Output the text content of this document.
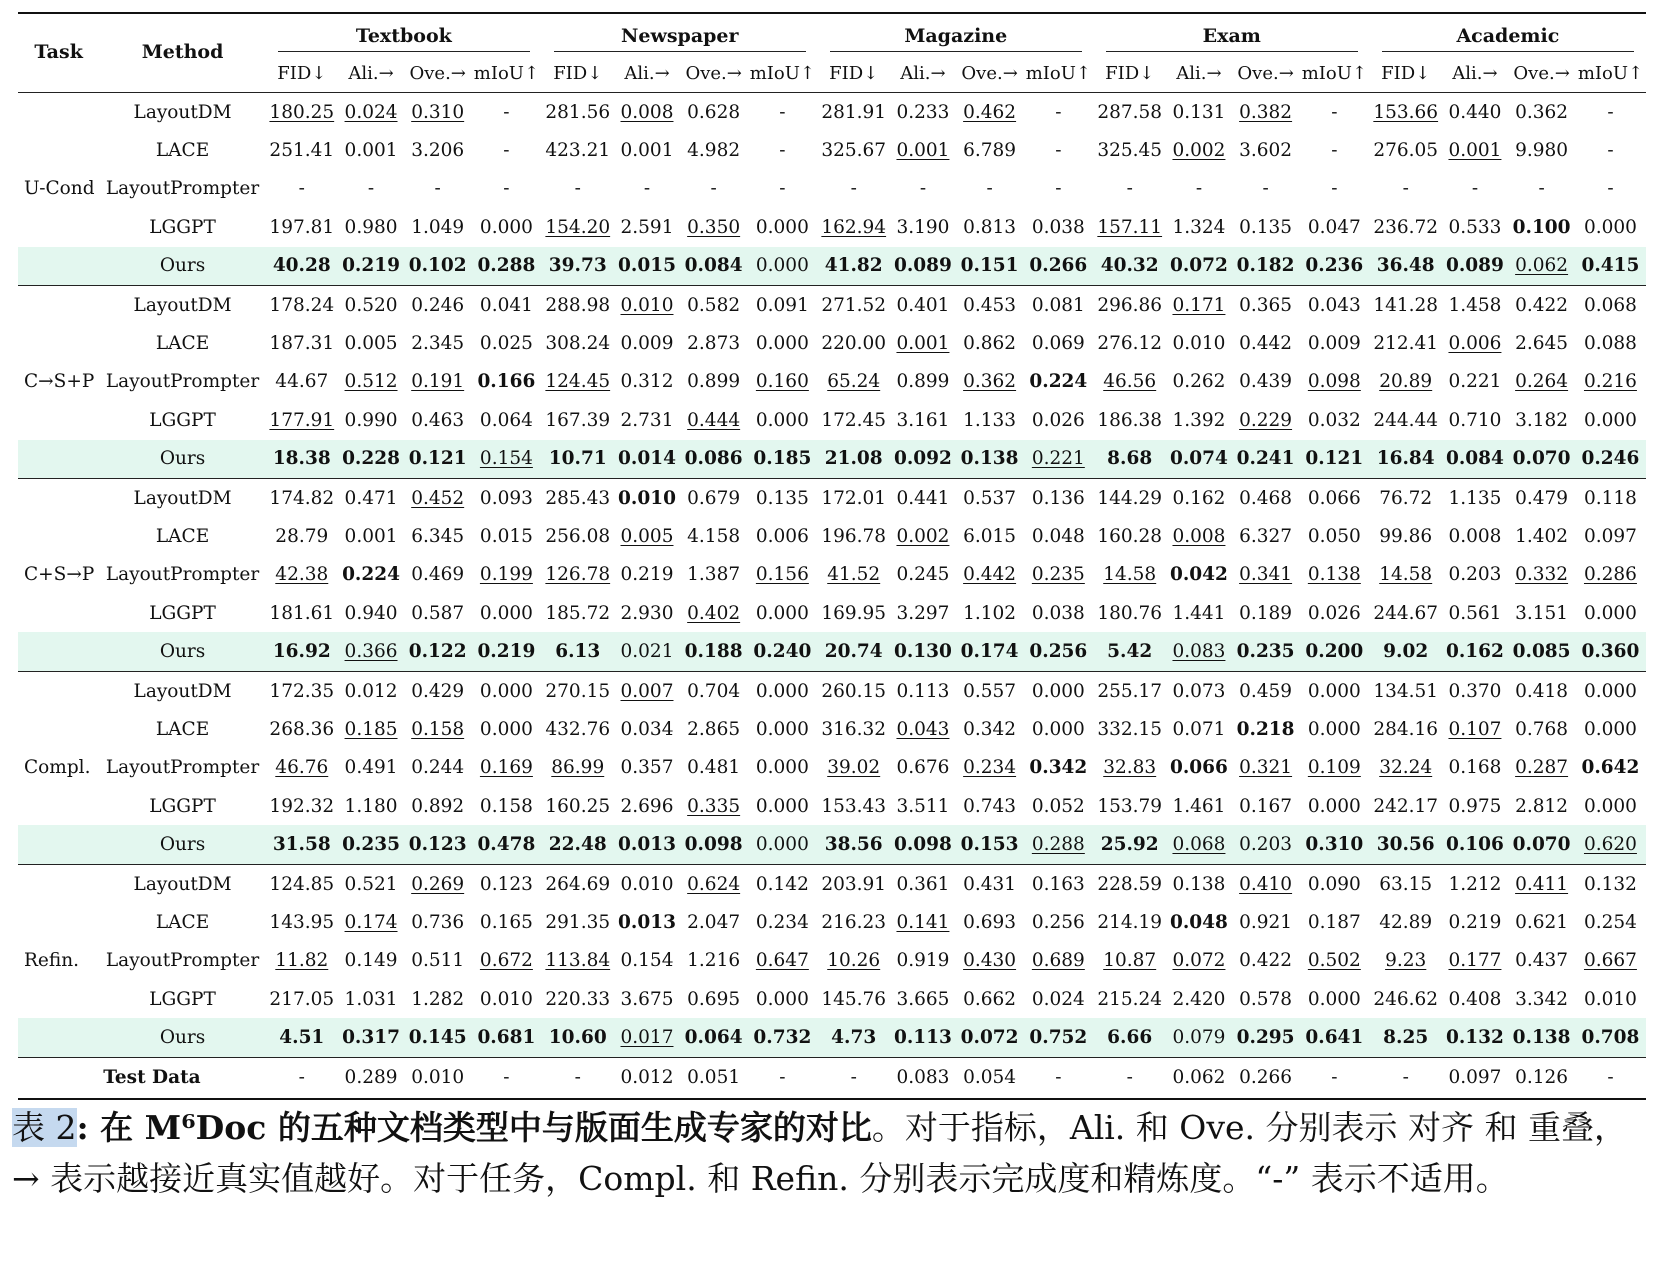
Task	Method	Textbook				Newspaper				Magazine				Exam				Academic			

		FID↓	Ali.→	Ove.→	mIoU↑	FID↓	Ali.→	Ove.→	mIoU↑	FID↓	Ali.→	Ove.→	mIoU↑	FID↓	Ali.→	Ove.→	mIoU↑	FID↓	Ali.→	Ove.→	mIoU↑
	LayoutDM	180.25	0.024	0.310	-	281.56	0.008	0.628	-	281.91	0.233	0.462	-	287.58	0.131	0.382	-	153.66	0.440	0.362	-
	LACE	251.41	0.001	3.206	-	423.21	0.001	4.982	-	325.67	0.001	6.789	-	325.45	0.002	3.602	-	276.05	0.001	9.980	-
U-Cond	LayoutPrompter	-	-	-	-	-	-	-	-	-	-	-	-	-	-	-	-	-	-	-	-
	LGGPT	197.81	0.980	1.049	0.000	154.20	2.591	0.350	0.000	162.94	3.190	0.813	0.038	157.11	1.324	0.135	0.047	236.72	0.533	0.100	0.000
	Ours	40.28	0.219	0.102	0.288	39.73	0.015	0.084	0.000	41.82	0.089	0.151	0.266	40.32	0.072	0.182	0.236	36.48	0.089	0.062	0.415
	LayoutDM	178.24	0.520	0.246	0.041	288.98	0.010	0.582	0.091	271.52	0.401	0.453	0.081	296.86	0.171	0.365	0.043	141.28	1.458	0.422	0.068
	LACE	187.31	0.005	2.345	0.025	308.24	0.009	2.873	0.000	220.00	0.001	0.862	0.069	276.12	0.010	0.442	0.009	212.41	0.006	2.645	0.088
C→S+P	LayoutPrompter	44.67	0.512	0.191	0.166	124.45	0.312	0.899	0.160	65.24	0.899	0.362	0.224	46.56	0.262	0.439	0.098	20.89	0.221	0.264	0.216
	LGGPT	177.91	0.990	0.463	0.064	167.39	2.731	0.444	0.000	172.45	3.161	1.133	0.026	186.38	1.392	0.229	0.032	244.44	0.710	3.182	0.000
	Ours	18.38	0.228	0.121	0.154	10.71	0.014	0.086	0.185	21.08	0.092	0.138	0.221	8.68	0.074	0.241	0.121	16.84	0.084	0.070	0.246
	LayoutDM	174.82	0.471	0.452	0.093	285.43	0.010	0.679	0.135	172.01	0.441	0.537	0.136	144.29	0.162	0.468	0.066	76.72	1.135	0.479	0.118
	LACE	28.79	0.001	6.345	0.015	256.08	0.005	4.158	0.006	196.78	0.002	6.015	0.048	160.28	0.008	6.327	0.050	99.86	0.008	1.402	0.097
C+S→P	LayoutPrompter	42.38	0.224	0.469	0.199	126.78	0.219	1.387	0.156	41.52	0.245	0.442	0.235	14.58	0.042	0.341	0.138	14.58	0.203	0.332	0.286
	LGGPT	181.61	0.940	0.587	0.000	185.72	2.930	0.402	0.000	169.95	3.297	1.102	0.038	180.76	1.441	0.189	0.026	244.67	0.561	3.151	0.000
	Ours	16.92	0.366	0.122	0.219	6.13	0.021	0.188	0.240	20.74	0.130	0.174	0.256	5.42	0.083	0.235	0.200	9.02	0.162	0.085	0.360
	LayoutDM	172.35	0.012	0.429	0.000	270.15	0.007	0.704	0.000	260.15	0.113	0.557	0.000	255.17	0.073	0.459	0.000	134.51	0.370	0.418	0.000
	LACE	268.36	0.185	0.158	0.000	432.76	0.034	2.865	0.000	316.32	0.043	0.342	0.000	332.15	0.071	0.218	0.000	284.16	0.107	0.768	0.000
Compl.	LayoutPrompter	46.76	0.491	0.244	0.169	86.99	0.357	0.481	0.000	39.02	0.676	0.234	0.342	32.83	0.066	0.321	0.109	32.24	0.168	0.287	0.642
	LGGPT	192.32	1.180	0.892	0.158	160.25	2.696	0.335	0.000	153.43	3.511	0.743	0.052	153.79	1.461	0.167	0.000	242.17	0.975	2.812	0.000
	Ours	31.58	0.235	0.123	0.478	22.48	0.013	0.098	0.000	38.56	0.098	0.153	0.288	25.92	0.068	0.203	0.310	30.56	0.106	0.070	0.620
	LayoutDM	124.85	0.521	0.269	0.123	264.69	0.010	0.624	0.142	203.91	0.361	0.431	0.163	228.59	0.138	0.410	0.090	63.15	1.212	0.411	0.132
	LACE	143.95	0.174	0.736	0.165	291.35	0.013	2.047	0.234	216.23	0.141	0.693	0.256	214.19	0.048	0.921	0.187	42.89	0.219	0.621	0.254
Refin.	LayoutPrompter	11.82	0.149	0.511	0.672	113.84	0.154	1.216	0.647	10.26	0.919	0.430	0.689	10.87	0.072	0.422	0.502	9.23	0.177	0.437	0.667
	LGGPT	217.05	1.031	1.282	0.010	220.33	3.675	0.695	0.000	145.76	3.665	0.662	0.024	215.24	2.420	0.578	0.000	246.62	0.408	3.342	0.010
	Ours	4.51	0.317	0.145	0.681	10.60	0.017	0.064	0.732	4.73	0.113	0.072	0.752	6.66	0.079	0.295	0.641	8.25	0.132	0.138	0.708
Test Data		-	0.289	0.010	-	-	0.012	0.051	-	-	0.083	0.054	-	-	0.062	0.266	-	-	0.097	0.126	-
表 2: 在 M⁶Doc 的五种文档类型中与版面生成专家的对比。对于指标，Ali. 和 Ove. 分别表示 对齐 和 重叠，→ 表示越接近真实值越好。对于任务，Compl. 和 Refin. 分别表示完成度和精炼度。“-” 表示不适用。
